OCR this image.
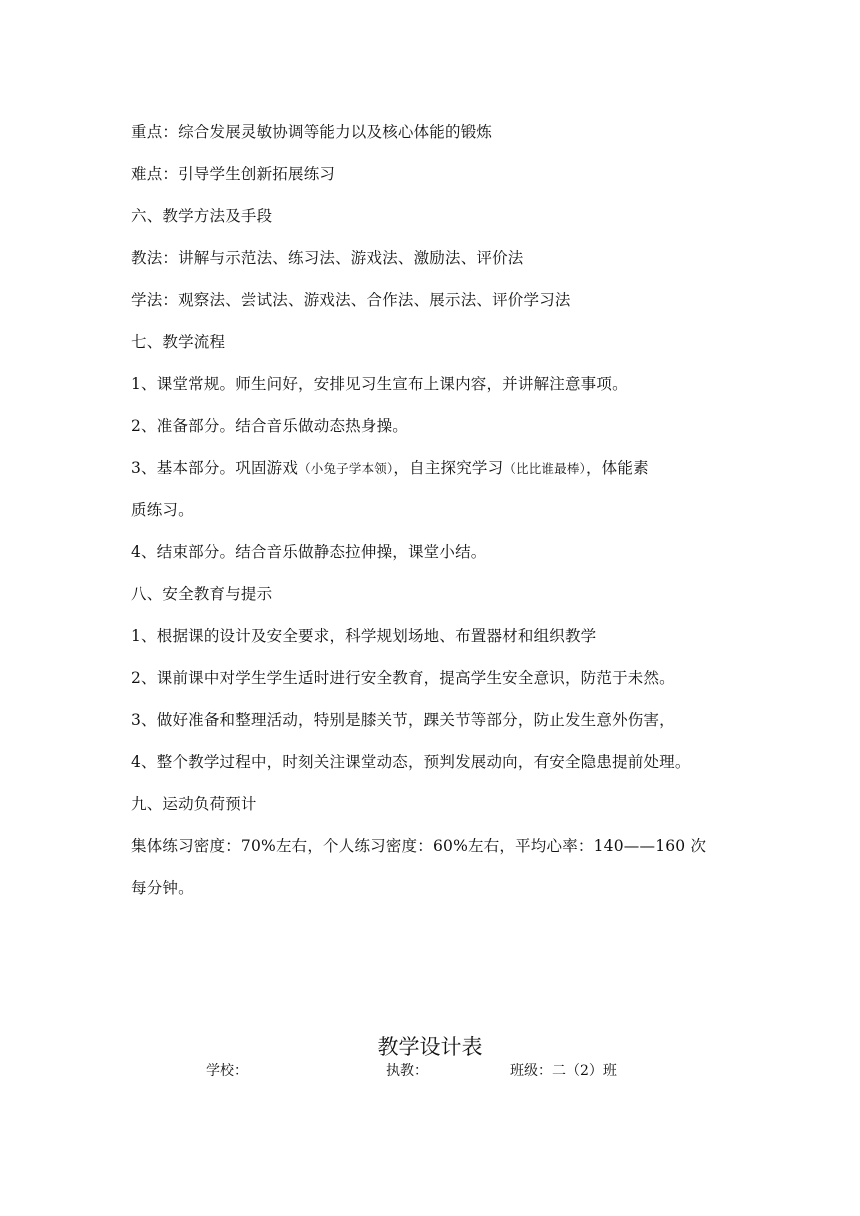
重点：综合发展灵敏协调等能力以及核心体能的锻炼
难点：引导学生创新拓展练习
六、教学方法及手段
教法：讲解与示范法、练习法、游戏法、激励法、评价法
学法：观察法、尝试法、游戏法、合作法、展示法、评价学习法
七、教学流程
1、课堂常规。师生问好，安排见习生宣布上课内容，并讲解注意事项。
2、准备部分。结合音乐做动态热身操。
3、基本部分。巩固游戏（小兔子学本领），自主探究学习（比比谁最棒），体能素
质练习。
4、结束部分。结合音乐做静态拉伸操，课堂小结。
八、安全教育与提示
1、根据课的设计及安全要求，科学规划场地、布置器材和组织教学
2、课前课中对学生学生适时进行安全教育，提高学生安全意识，防范于未然。
3、做好准备和整理活动，特别是膝关节，踝关节等部分，防止发生意外伤害，
4、整个教学过程中，时刻关注课堂动态，预判发展动向，有安全隐患提前处理。
九、运动负荷预计
集体练习密度：70%左右，个人练习密度：60%左右，平均心率：140——160 次
每分钟。
教学设计表
学校：	执教：	班级：二（2）班
